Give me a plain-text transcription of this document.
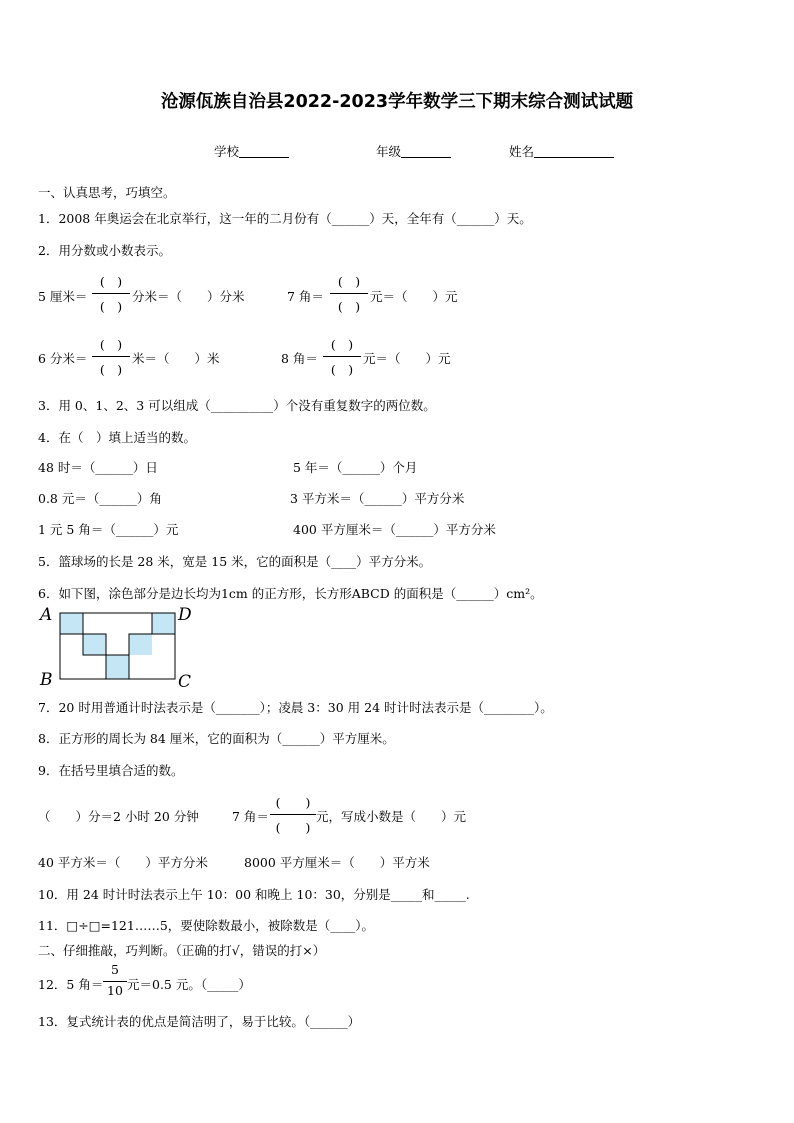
沧源佤族自治县2022-2023学年数学三下期末综合测试试题
学校	年级	姓名
一、认真思考，巧填空。
1．2008 年奥运会在北京举行，这一年的二月份有（______）天，全年有（______）天。
2．用分数或小数表示。
5 厘米＝
(　)
(　)
分米＝（　　）分米	7 角＝
(　)
(　)
元＝（　　）元
6 分米＝
(　)
(　)
米＝（　　）米	8 角＝
(　)
(　)
元＝（　　）元
3．用 0、1、2、3 可以组成（__________）个没有重复数字的两位数。
4．在（　）填上适当的数。
48 时＝（______）日	5 年＝（______）个月
0.8 元＝（______）角	3 平方米＝（______）平方分米
1 元 5 角＝（______）元	400 平方厘米＝（______）平方分米
5．篮球场的长是 28 米，宽是 15 米，它的面积是（____）平方分米。
6．如下图，涂色部分是边长均为1cm 的正方形，长方形ABCD 的面积是（______）cm²。
A	D
B	C
7．20 时用普通计时法表示是（_______）；凌晨 3：30 用 24 时计时法表示是（________）。
8．正方形的周长为 84 厘米，它的面积为（______）平方厘米。
9．在括号里填合适的数。
（　　）分＝2 小时 20 分钟	7 角＝
(　　)
(　　)
元，写成小数是（　　）元
40 平方米＝（　　）平方分米	8000 平方厘米＝（　　）平方米
10．用 24 时计时法表示上午 10：00 和晚上 10：30，分别是_____和_____.
11．□÷□=121……5，要使除数最小，被除数是（____）。
二、仔细推敲，巧判断。（正确的打√，错误的打×）
12．5 角＝
5
10 元＝0.5 元。（_____）
13．复式统计表的优点是简洁明了，易于比较。（______）
